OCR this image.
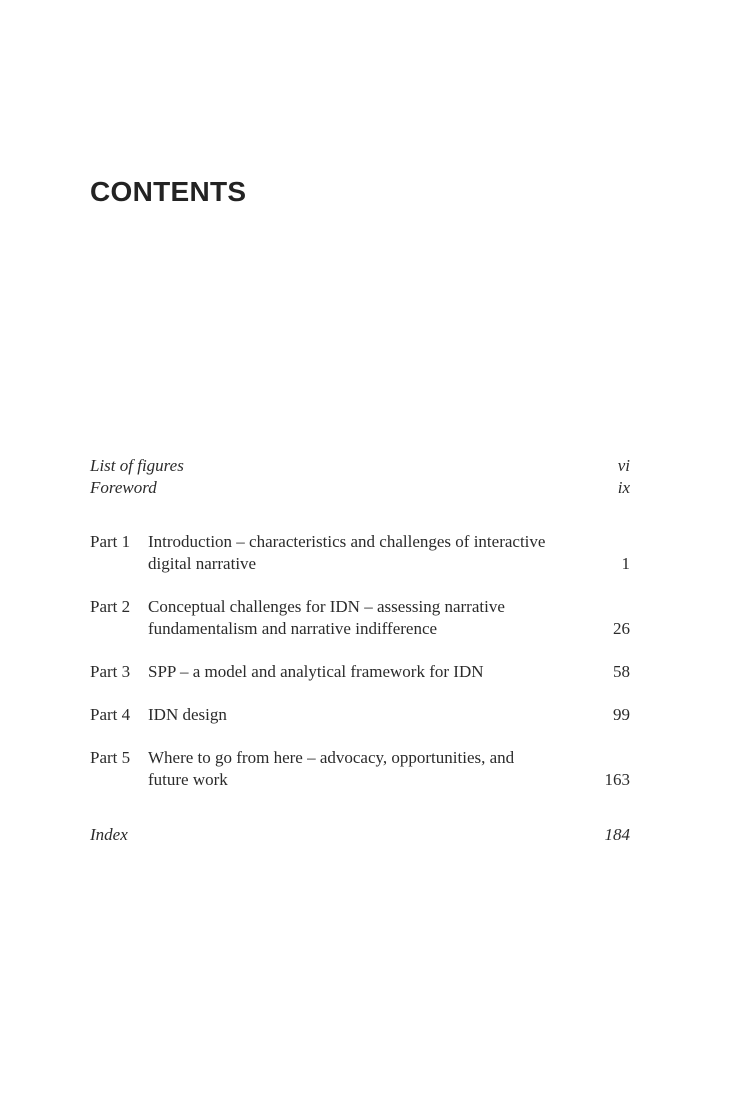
CONTENTS
List of figures	vi
Foreword	ix
Part 1	Introduction – characteristics and challenges of interactive
digital narrative	1
Part 2	Conceptual challenges for IDN – assessing narrative
fundamentalism and narrative indifference	26
Part 3	SPP – a model and analytical framework for IDN	58
Part 4	IDN design	99
Part 5	Where to go from here – advocacy, opportunities, and
future work	163
Index	184
